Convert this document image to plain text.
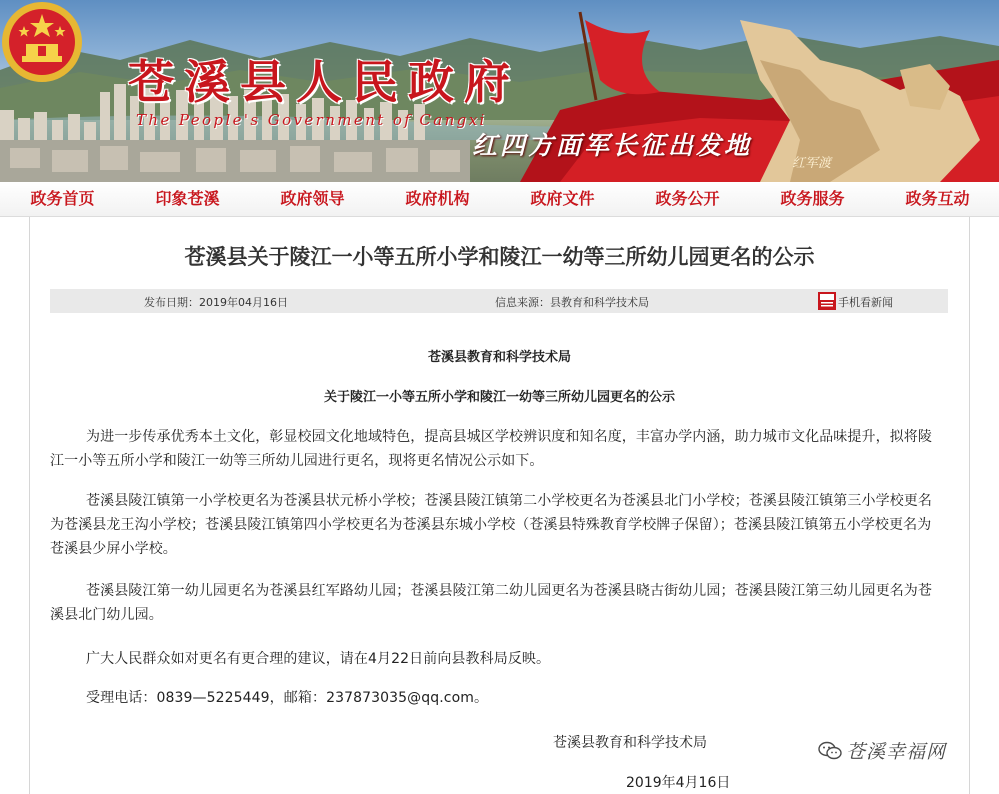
苍溪县人民政府
The People's Government of Cangxi
红四方面军长征出发地
红军渡
政务首页	印象苍溪	政府领导	政府机构	政府文件	政务公开	政务服务	政务互动
苍溪县关于陵江一小等五所小学和陵江一幼等三所幼儿园更名的公示
发布日期：2019年04月16日	信息来源：县教育和科学技术局	手机看新闻
苍溪县教育和科学技术局
关于陵江一小等五所小学和陵江一幼等三所幼儿园更名的公示

为进一步传承优秀本土文化，彰显校园文化地域特色，提高县城区学校辨识度和知名度，丰富办学内涵，助力城市文化品味提升，拟将陵江一小等五所小学和陵江一幼等三所幼儿园进行更名，现将更名情况公示如下。

苍溪县陵江镇第一小学校更名为苍溪县状元桥小学校；苍溪县陵江镇第二小学校更名为苍溪县北门小学校；苍溪县陵江镇第三小学校更名为苍溪县龙王沟小学校；苍溪县陵江镇第四小学校更名为苍溪县东城小学校（苍溪县特殊教育学校牌子保留）；苍溪县陵江镇第五小学校更名为苍溪县少屏小学校。

苍溪县陵江第一幼儿园更名为苍溪县红军路幼儿园；苍溪县陵江第二幼儿园更名为苍溪县晓古街幼儿园；苍溪县陵江第三幼儿园更名为苍溪县北门幼儿园。

广大人民群众如对更名有更合理的建议，请在4月22日前向县教科局反映。

受理电话：0839—5225449，邮箱：237873035@qq.com。

苍溪县教育和科学技术局
2019年4月16日
苍溪幸福网
